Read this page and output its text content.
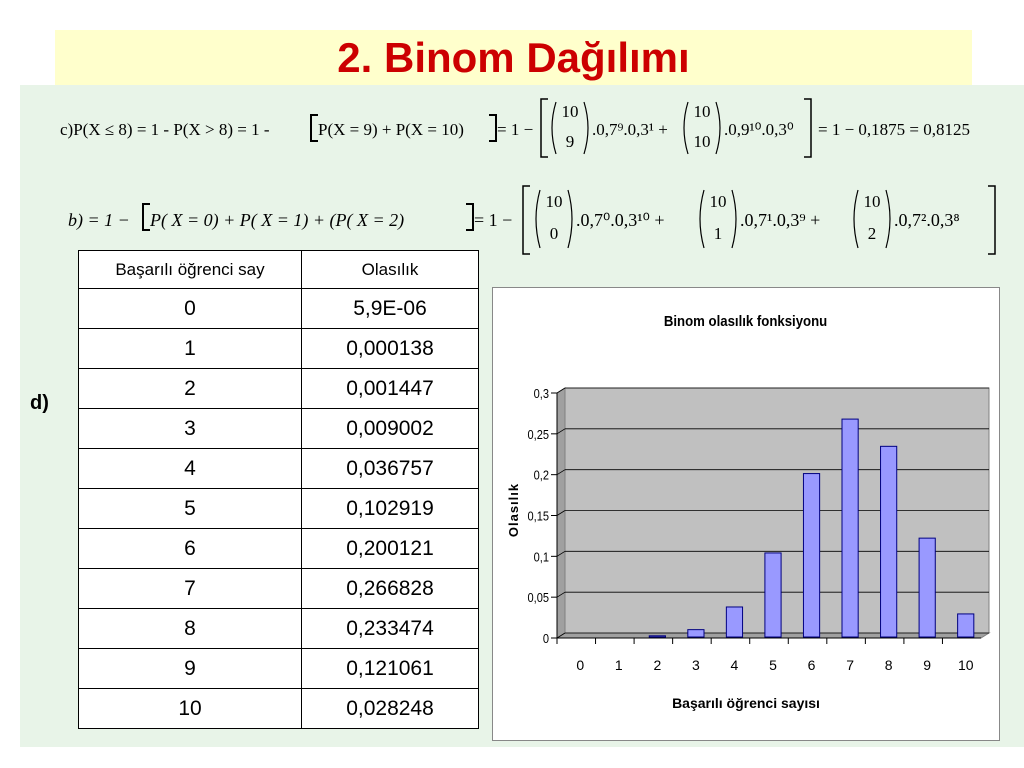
2. Binom Dağılımı
c)P(X ≤ 8) = 1 - P(X > 8) = 1 -	P(X = 9) + P(X = 10) = 1 −
10
9
.0,7⁹.0,3¹ +
10
10
.0,9¹⁰.0,3⁰ = 1 − 0,1875 = 0,8125
b) = 1 − P( X = 0) + P( X = 1) + (P( X = 2)	= 1 −
10
0
.0,7⁰.0,3¹⁰ +
10
1
.0,7¹.0,3⁹ +
10
2
.0,7².0,3⁸
d)
Başarılı öğrenci say	Olasılık
0	5,9E-06
1	0,000138
2	0,001447
3	0,009002
4	0,036757
5	0,102919
6	0,200121
7	0,266828
8	0,233474
9	0,121061
10	0,028248
Binom olasılık fonksiyonu
Olasılık
Başarılı öğrenci sayısı
0
0,05
0,1
0,15
0,2
0,25
0,3
0 1 2 3 4 5 6 7 8 9 10
